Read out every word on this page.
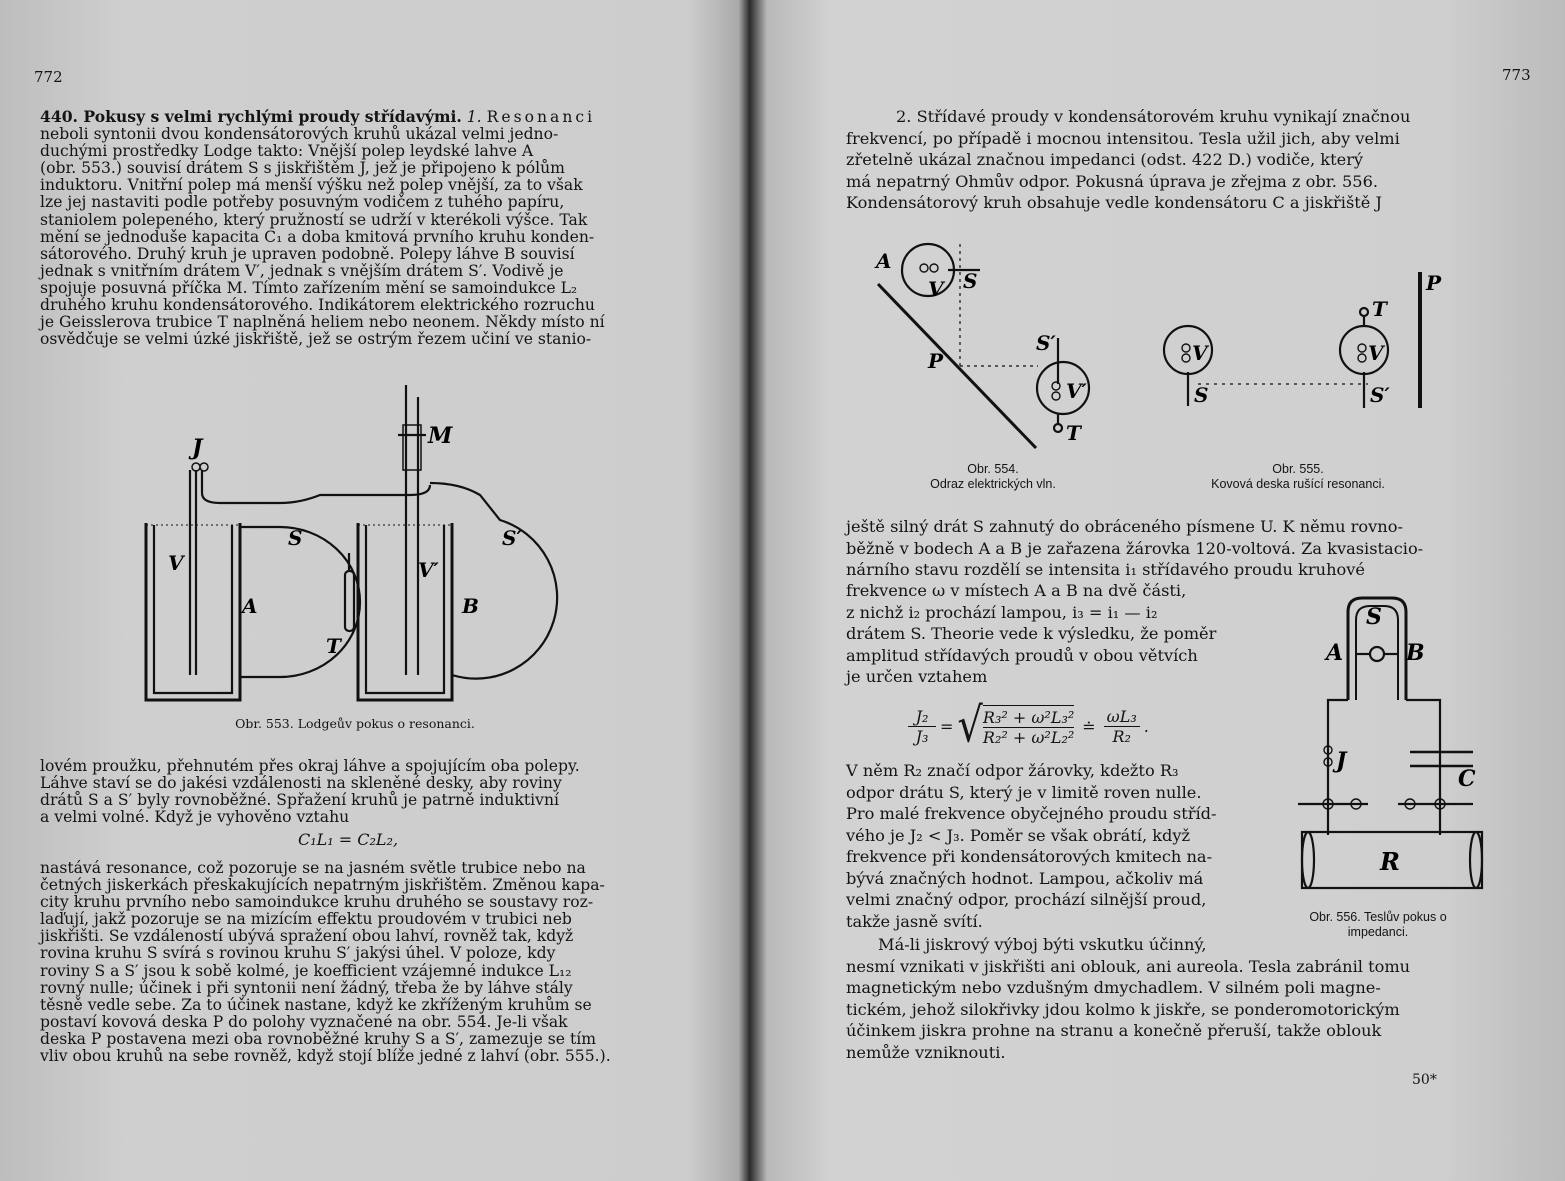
772
440. Pokusy s velmi rychlými proudy střídavými. 1. Resonanci
neboli syntonii dvou kondensátorových kruhů ukázal velmi jedno-
duchými prostředky Lodge takto: Vnější polep leydské lahve A
(obr. 553.) souvisí drátem S s jiskřištěm J, jež je připojeno k pólům
induktoru. Vnitřní polep má menší výšku než polep vnější, za to však
lze jej nastaviti podle potřeby posuvným vodičem z tuhého papíru,
staniolem polepeného, který pružností se udrží v kterékoli výšce. Tak
mění se jednoduše kapacita C₁ a doba kmitová prvního kruhu konden-
sátorového. Druhý kruh je upraven podobně. Polepy láhve B souvisí
jednak s vnitřním drátem V′, jednak s vnějším drátem S′. Vodivě je
spojuje posuvná příčka M. Tímto zařízením mění se samoindukce L₂
druhého kruhu kondensátorového. Indikátorem elektrického rozruchu
je Geisslerova trubice T naplněná heliem nebo neonem. Někdy místo ní
osvědčuje se velmi úzké jiskřiště, jež se ostrým řezem učiní ve stanio-
J	M
S	S′
V	V′
A	B
T
Obr. 553. Lodgeův pokus o resonanci.
lovém proužku, přehnutém přes okraj láhve a spojujícím oba polepy.
Láhve staví se do jakési vzdálenosti na skleněné desky, aby roviny
drátů S a S′ byly rovnoběžné. Spřažení kruhů je patrně induktivní
a velmi volné. Když je vyhověno vztahu
C₁L₁ = C₂L₂,
nastává resonance, což pozoruje se na jasném světle trubice nebo na
četných jiskerkách přeskakujících nepatrným jiskřištěm. Změnou kapa-
city kruhu prvního nebo samoindukce kruhu druhého se soustavy roz-
laďují, jakž pozoruje se na mizícím effektu proudovém v trubici neb
jiskřišti. Se vzdáleností ubývá spražení obou lahví, rovněž tak, když
rovina kruhu S svírá s rovinou kruhu S′ jakýsi úhel. V poloze, kdy
roviny S a S′ jsou k sobě kolmé, je koefficient vzájemné indukce L₁₂
rovný nulle; účinek i při syntonii není žádný, třeba že by láhve stály
těsně vedle sebe. Za to účinek nastane, když ke zkříženým kruhům se
postaví kovová deska P do polohy vyznačené na obr. 554. Je-li však
deska P postavena mezi oba rovnoběžné kruhy S a S′, zamezuje se tím
vliv obou kruhů na sebe rovněž, když stojí blíže jedné z lahví (obr. 555.).
773
2. Střídavé proudy v kondensátorovém kruhu vynikají značnou
frekvencí, po případě i mocnou intensitou. Tesla užil jich, aby velmi
zřetelně ukázal značnou impedanci (odst. 422 D.) vodiče, který
má nepatrný Ohmův odpor. Pokusná úprava je zřejma z obr. 556.
Kondensátorový kruh obsahuje vedle kondensátoru C a jiskřiště J
A
V S
P
S′
V′
T
Obr. 554.
Odraz elektrických vln.
P
T
V	V
S	S′
Obr. 555.
Kovová deska rušící resonanci.
ještě silný drát S zahnutý do obráceného písmene U. K němu rovno-
běžně v bodech A a B je zařazena žárovka 120-voltová. Za kvasistacio-
nárního stavu rozdělí se intensita i₁ střídavého proudu kruhové
frekvence ω v místech A a B na dvě části,
z nichž i₂ prochází lampou, i₃ = i₁ — i₂
drátem S. Theorie vede k výsledku, že poměr
amplitud střídavých proudů v obou větvích
je určen vztahem
$\frac{\text{J₂}}{\text{J₃}}$ = √ R₃² + ω²L₃²
R₂² + ω²L₂²
≐
ωL₃
R₂
.
V něm R₂ značí odpor žárovky, kdežto R₃
odpor drátu S, který je v limitě roven nulle.
Pro malé frekvence obyčejného proudu stříd-
vého je J₂ < J₃. Poměr se však obrátí, když
frekvence při kondensátorových kmitech na-
bývá značných hodnot. Lampou, ačkoliv má
velmi značný odpor, prochází silnější proud,
takže jasně svítí.
S
A	B
J
C
R
Obr. 556. Teslův pokus o impedanci.
Má-li jiskrový výboj býti vskutku účinný,
nesmí vznikati v jiskřišti ani oblouk, ani aureola. Tesla zabránil tomu
magnetickým nebo vzdušným dmychadlem. V silném poli magne-
tickém, jehož silokřivky jdou kolmo k jiskře, se ponderomotorickým
účinkem jiskra prohne na stranu a konečně přeruší, takže oblouk
nemůže vzniknouti.
50*
